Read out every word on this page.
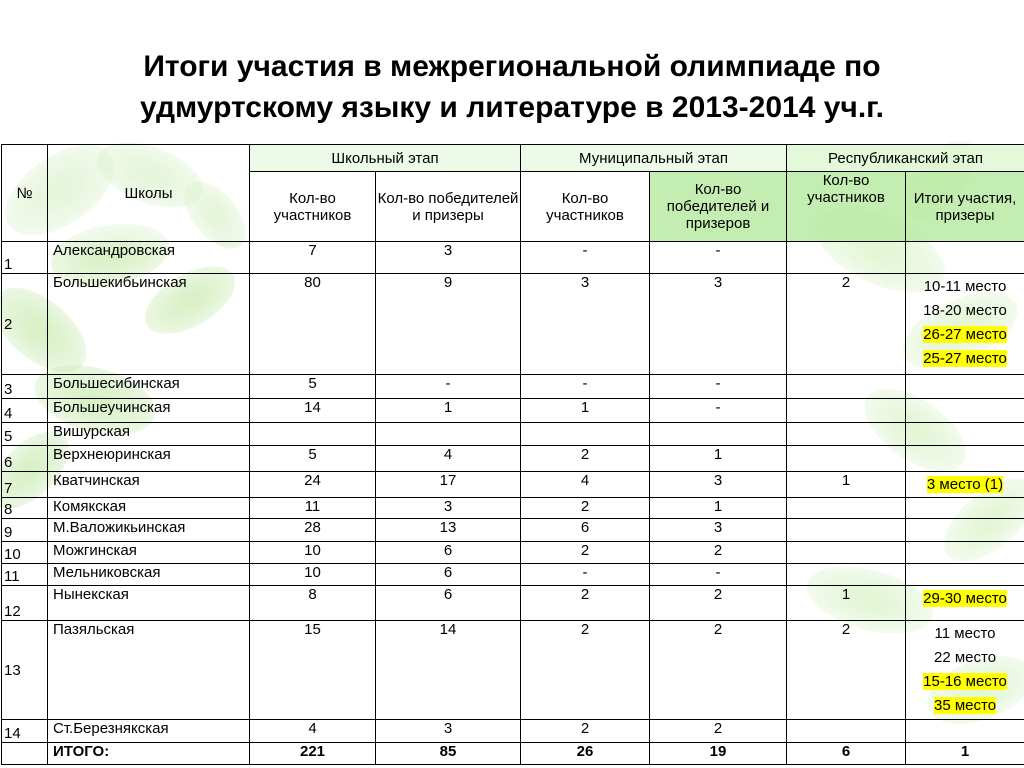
Итоги участия в межрегиональной олимпиаде по
удмуртскому языку и литературе в 2013-2014 уч.г.
№	Школы	Школьный этап		Муниципальный этап		Республиканский этап	
		Кол-во участников	Кол-во победителей и призеры	Кол-во участников	Кол-во победителей и призеров	Кол-во участников	Итоги участия, призеры
1	Александровская	7	3	-	-		
2	Большекибьинская	80	9	3	3	2	10-11 место
18-20 место
26-27 место
25-27 место

3	Большесибинская	5	-	-	-		
4	Большеучинская	14	1	1	-		
5	Вишурская						
6	Верхнеюринская	5	4	2	1		
7	Кватчинская	24	17	4	3	1	3 место (1)

8	Комякская	11	3	2	1		
9	М.Валожикьинская	28	13	6	3		
10	Можгинская	10	6	2	2		
11	Мельниковская	10	6	-	-		
12	Нынекская	8	6	2	2	1	29-30 место

13	Пазяльская	15	14	2	2	2	11 место
22 место
15-16 место
35 место

14	Ст.Березнякская	4	3	2	2		
	ИТОГО:	221	85	26	19	6	1
